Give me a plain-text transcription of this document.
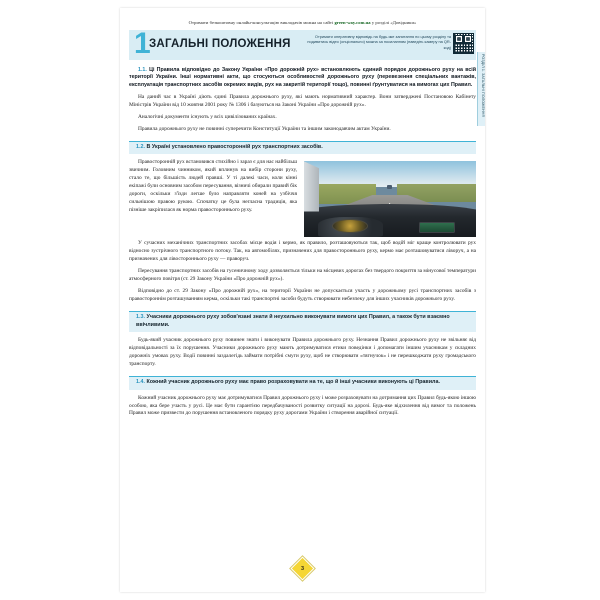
Отримати безкоштовну онлайн-консультацію викладачів можна на сайті green-way.com.ua у розділі «Довідники»
1
ЗАГАЛЬНІ ПОЛОЖЕННЯ
Отримати оперативну відповідь на будь-яке запитання по цьому розділу та подивитись відео (опціонально) можна за посиланням (наведіть камеру на QR-код)
РОЗДІЛ 1. ЗАГАЛЬНІ ПОЛОЖЕННЯ

1.1. Ці Правила відповідно до Закону України «Про дорожній рух» встановлюють єдиний порядок дорожнього руху на всій території України. Інші нормативні акти, що стосуються особливостей дорожнього руху (перевезення спеціальних вантажів, експлуатація транспортних засобів окремих видів, рух на закритій території тощо), повинні ґрунтуватися на вимогах цих Правил.

На даний час в Україні діють єдині Правила дорожнього руху, які мають нормативний характер. Вони затверджені Постановою Кабінету Міністрів України від 10 жовтня 2001 року № 1306 і базуються на Законі України «Про дорожній рух».

Аналогічні документи існують у всіх цивілізованих країнах.

Правила дорожнього руху не повинні суперечити Конституції України та іншим законодавчим актам України.

1.2. В Україні установлено правосторонній рух транспортних засобів.

Правосторонній рух встановився стихійно і зараз є для нас найбільш звичним. Головним чинником, який вплинув на вибір сторони руху, стало те, що більшість людей правші. У ті далекі часи, коли кінні екіпажі були основним засобом пересування, візничі обирали правий бік дороги, оскільки з'їзди легше було направляти коней на узбіччя сильнішою правою рукою. Спочатку це була негласна традиція, яка пізніше закріпилася як норма правостороннього руху.

У сучасних механічних транспортних засобах місце водія і кермо, як правило, розташовуються так, щоб водій міг краще контролювати рух відносно зустрічного транспортного потоку. Так, на автомобілях, призначених для правостороннього руху, кермо має розташовуватися ліворуч, а на призначених для лівостороннього руху — праворуч.

Пересування транспортних засобів на гусеничному ходу дозволяється тільки на місцевих дорогах без твердого покриття за мінусової температури атмосферного повітря (ст. 29 Закону України «Про дорожній рух»).

Відповідно до ст. 29 Закону «Про дорожній рух», на території України не допускається участь у дорожньому русі транспортних засобів з правостороннім розташуванням керма, оскільки такі транспортні засоби будуть створювати небезпеку для інших учасників дорожнього руху.

1.3. Учасники дорожнього руху зобов'язані знати й неухильно виконувати вимоги цих Правил, а також бути взаємно ввічливими.

Будь-який учасник дорожнього руху повинен знати і виконувати Правила дорожнього руху. Незнання Правил дорожнього руху не звільняє від відповідальності за їх порушення. Учасники дорожнього руху мають дотримуватися етики поведінки і допомагати іншим учасникам у складних дорожніх умовах руху. Водії повинні заздалегідь займати потрібні смуги руху, щоб не створювати «тягнучок» і не перешкоджати руху громадського транспорту.

1.4. Кожний учасник дорожнього руху має право розраховувати на те, що й інші учасники виконують ці Правила.

Кожний учасник дорожнього руху має дотримуватися Правил дорожнього руху і може розраховувати на дотримання цих Правил будь-якою іншою особою, яка бере участь у русі. Це має бути гарантією передбачуваності розвитку ситуації на дорозі. Будь-яке відхилення від вимог та положень Правил може призвести до порушення встановленого порядку руху дорогами України і створення аварійної ситуації.

3
